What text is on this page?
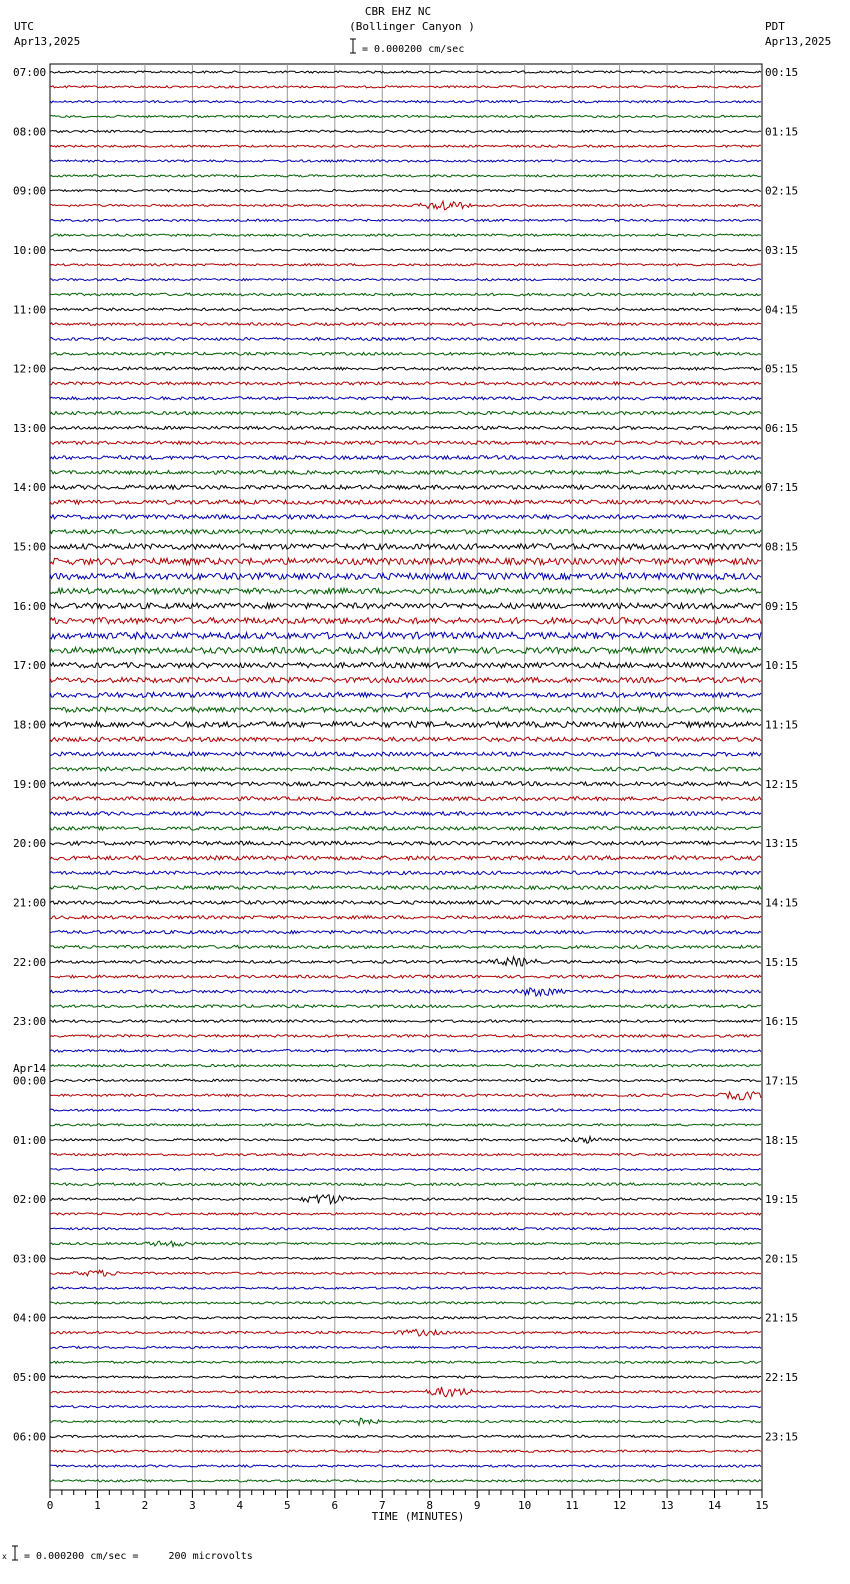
CBR EHZ NC
(Bollinger Canyon )
= 0.000200 cm/sec
UTC
Apr13,2025
PDT
Apr13,2025
07:00
08:00
09:00
10:00
11:00
12:00
13:00
14:00
15:00
16:00
17:00
18:00
19:00
20:00
21:00
22:00
23:00
00:00
01:00
02:00
03:00
04:00
05:00
06:00
00:15
01:15
02:15
03:15
04:15
05:15
06:15
07:15
08:15
09:15
10:15
11:15
12:15
13:15
14:15
15:15
16:15
17:15
18:15
19:15
20:15
21:15
22:15
23:15
Apr14
0	1	2	3	4	5	6	7	8	9	10	11	12	13	14	15
TIME (MINUTES)
x = 0.000200 cm/sec =     200 microvolts
